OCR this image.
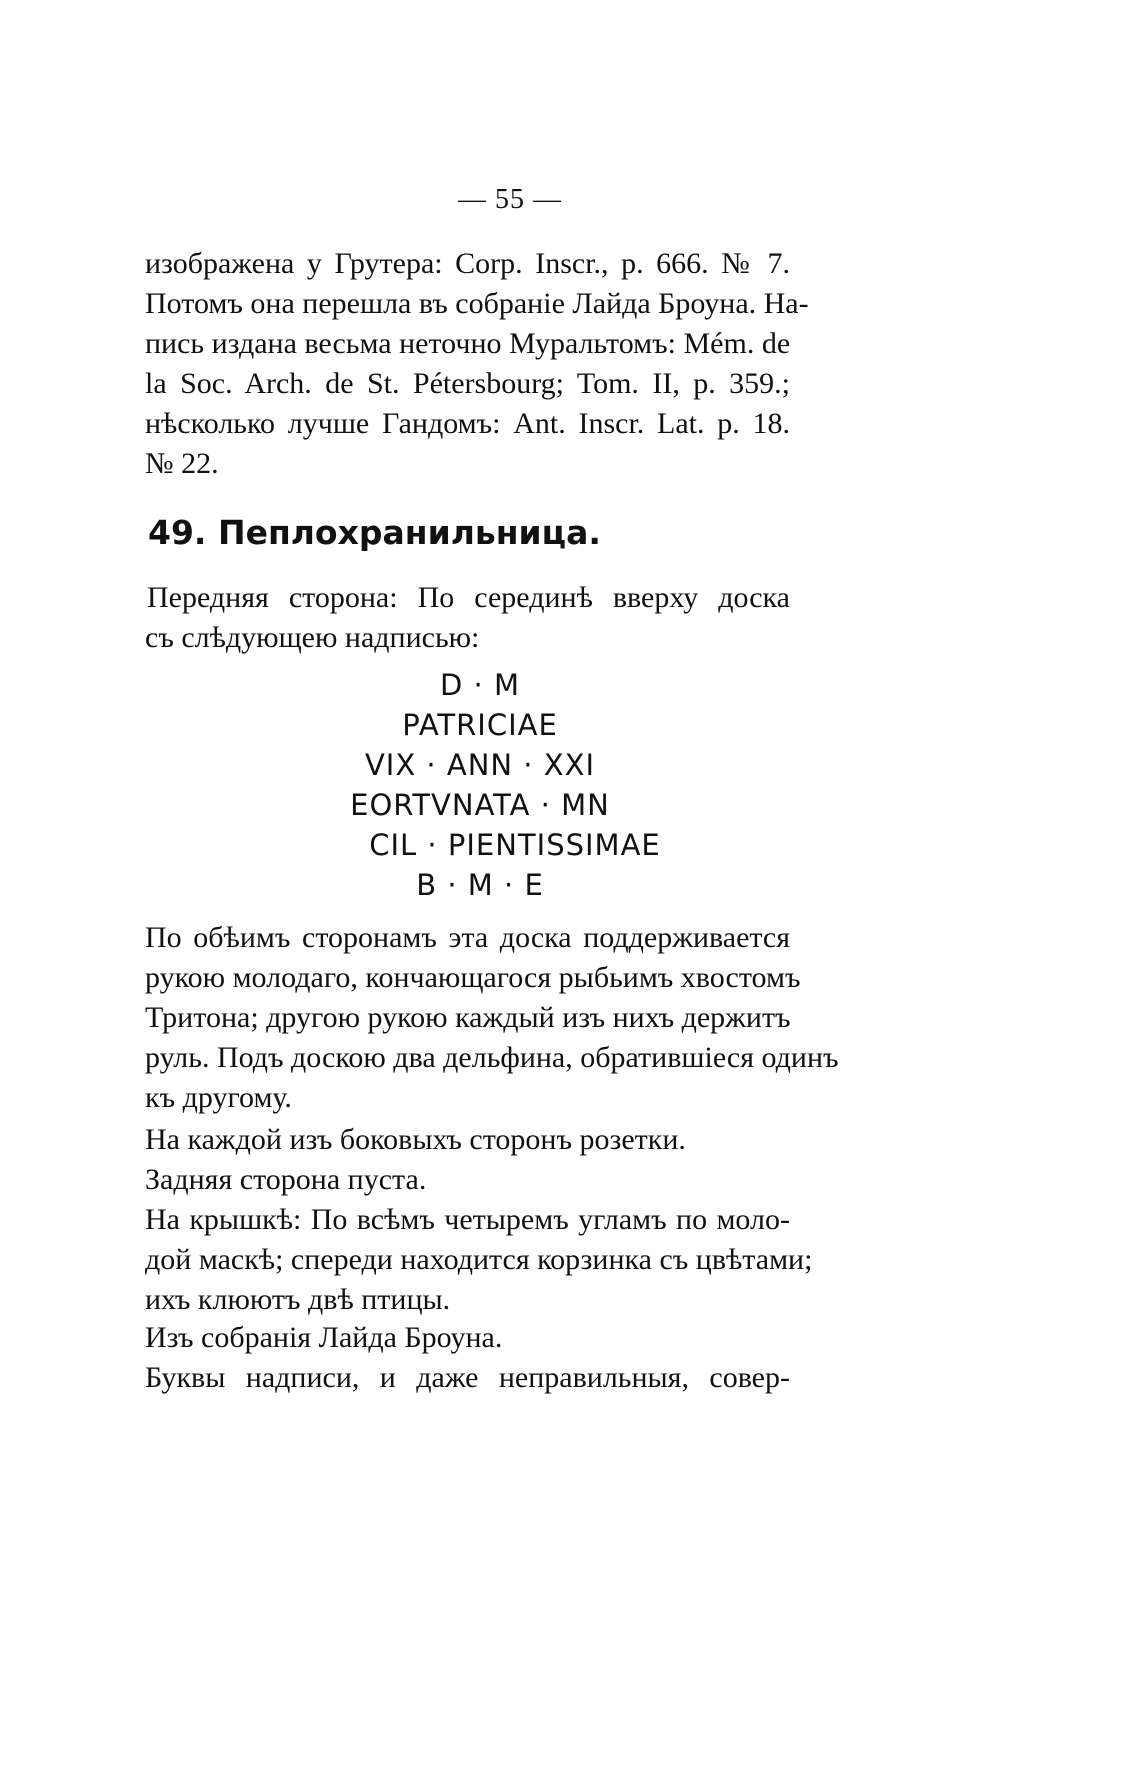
— 55 —
изображена у Грутера: Corp. Inscr., p. 666. № 7.
Потомъ она перешла въ собраніе Лайда Броуна. На-
пись издана весьма неточно Муральтомъ: Mém. de
la Soc. Arch. de St. Pétersbourg; Tom. II, p. 359.;
нѣсколько лучше Гандомъ: Ant. Inscr. Lat. p. 18.
№ 22.
49. Пеплохранильница.
Передняя сторона: По серединѣ вверху доска
съ слѣдующею надписью:
D · M
PATRICIAE
VIX · ANN · XXI
EORTVNATA · MN
CIL · PIENTISSIMAE
B · M · E
По обѣимъ сторонамъ эта доска поддерживается
рукою молодаго, кончающагося рыбьимъ хвостомъ
Тритона; другою рукою каждый изъ нихъ держитъ
руль. Подъ доскою два дельфина, обратившiеся одинъ
къ другому.
На каждой изъ боковыхъ сторонъ розетки.
Задняя сторона пуста.
На крышкѣ: По всѣмъ четыремъ угламъ по моло-
дой маскѣ; спереди находится корзинка съ цвѣтами;
ихъ клюютъ двѣ птицы.
Изъ собранія Лайда Броуна.
Буквы надписи, и даже неправильныя, совер-
